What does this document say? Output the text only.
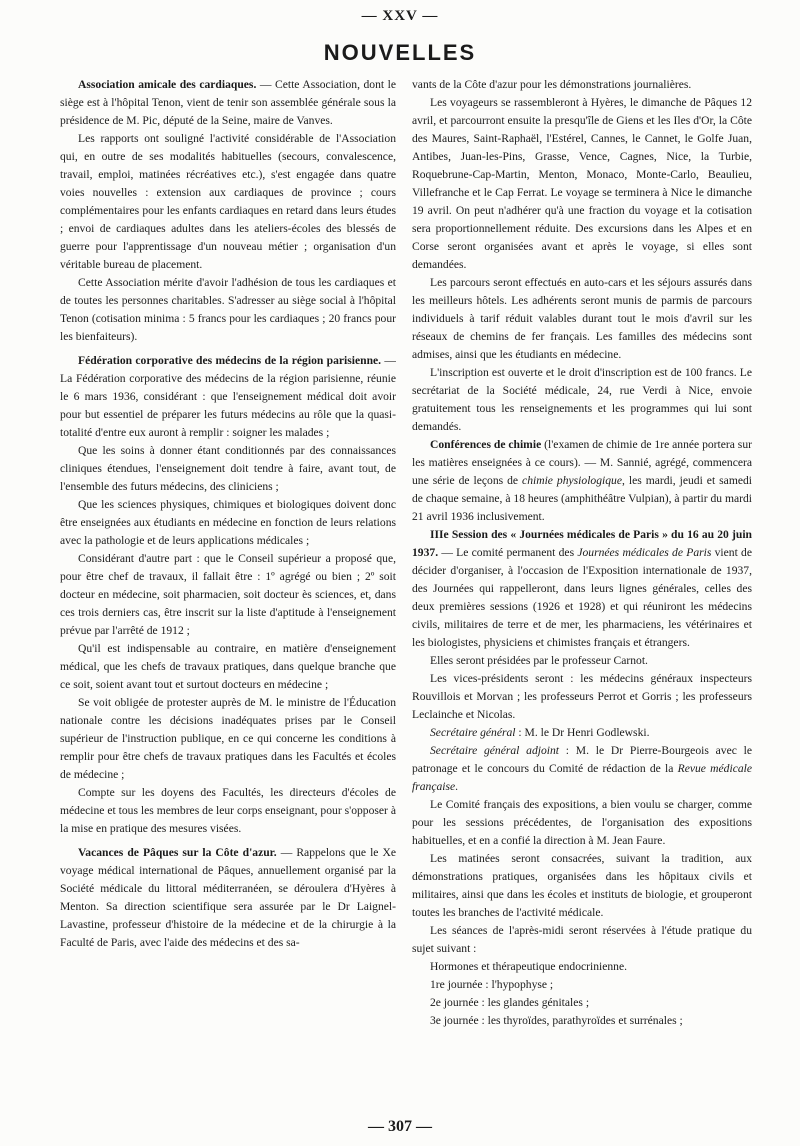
— XXV —
NOUVELLES

Association amicale des cardiaques. — Cette Association, dont le siège est à l'hôpital Tenon, vient de tenir son assemblée générale sous la présidence de M. Pic, député de la Seine, maire de Vanves.

Les rapports ont souligné l'activité considérable de l'Association qui, en outre de ses modalités habituelles (secours, convalescence, travail, emploi, matinées récréatives etc.), s'est engagée dans quatre voies nouvelles : extension aux cardiaques de province ; cours complémentaires pour les enfants cardiaques en retard dans leurs études ; envoi de cardiaques adultes dans les ateliers-écoles des blessés de guerre pour l'apprentissage d'un nouveau métier ; organisation d'un véritable bureau de placement.

Cette Association mérite d'avoir l'adhésion de tous les cardiaques et de toutes les personnes charitables. S'adresser au siège social à l'hôpital Tenon (cotisation minima : 5 francs pour les cardiaques ; 20 francs pour les bienfaiteurs).

Fédération corporative des médecins de la région parisienne. — La Fédération corporative des médecins de la région parisienne, réunie le 6 mars 1936, considérant : que l'enseignement médical doit avoir pour but essentiel de préparer les futurs médecins au rôle que la quasi-totalité d'entre eux auront à remplir : soigner les malades ;

Que les soins à donner étant conditionnés par des connaissances cliniques étendues, l'enseignement doit tendre à faire, avant tout, de l'ensemble des futurs médecins, des cliniciens ;

Que les sciences physiques, chimiques et biologiques doivent donc être enseignées aux étudiants en médecine en fonction de leurs relations avec la pathologie et de leurs applications médicales ;

Considérant d'autre part : que le Conseil supérieur a proposé que, pour être chef de travaux, il fallait être : 1º agrégé ou bien ; 2º soit docteur en médecine, soit pharmacien, soit docteur ès sciences, et, dans ces trois derniers cas, être inscrit sur la liste d'aptitude à l'enseignement prévue par l'arrêté de 1912 ;

Qu'il est indispensable au contraire, en matière d'enseignement médical, que les chefs de travaux pratiques, dans quelque branche que ce soit, soient avant tout et surtout docteurs en médecine ;

Se voit obligée de protester auprès de M. le ministre de l'Éducation nationale contre les décisions inadéquates prises par le Conseil supérieur de l'instruction publique, en ce qui concerne les conditions à remplir pour être chefs de travaux pratiques dans les Facultés et écoles de médecine ;

Compte sur les doyens des Facultés, les directeurs d'écoles de médecine et tous les membres de leur corps enseignant, pour s'opposer à la mise en pratique des mesures visées.

Vacances de Pâques sur la Côte d'azur. — Rappelons que le Xe voyage médical international de Pâques, annuellement organisé par la Société médicale du littoral méditerranéen, se déroulera d'Hyères à Menton. Sa direction scientifique sera assurée par le Dr Laignel-Lavastine, professeur d'histoire de la médecine et de la chirurgie à la Faculté de Paris, avec l'aide des médecins et des sa-

vants de la Côte d'azur pour les démonstrations journalières.

Les voyageurs se rassembleront à Hyères, le dimanche de Pâques 12 avril, et parcourront ensuite la presqu'île de Giens et les Iles d'Or, la Côte des Maures, Saint-Raphaël, l'Estérel, Cannes, le Cannet, le Golfe Juan, Antibes, Juan-les-Pins, Grasse, Vence, Cagnes, Nice, la Turbie, Roquebrune-Cap-Martin, Menton, Monaco, Monte-Carlo, Beaulieu, Villefranche et le Cap Ferrat. Le voyage se terminera à Nice le dimanche 19 avril. On peut n'adhérer qu'à une fraction du voyage et la cotisation sera proportionnellement réduite. Des excursions dans les Alpes et en Corse seront organisées avant et après le voyage, si elles sont demandées.

Les parcours seront effectués en auto-cars et les séjours assurés dans les meilleurs hôtels. Les adhérents seront munis de parmis de parcours individuels à tarif réduit valables durant tout le mois d'avril sur les réseaux de chemins de fer français. Les familles des médecins sont admises, ainsi que les étudiants en médecine.

L'inscription est ouverte et le droit d'inscription est de 100 francs. Le secrétariat de la Société médicale, 24, rue Verdi à Nice, envoie gratuitement tous les renseignements et les programmes qui lui sont demandés.

Conférences de chimie (l'examen de chimie de 1re année portera sur les matières enseignées à ce cours). — M. Sannié, agrégé, commencera une série de leçons de chimie physiologique, les mardi, jeudi et samedi de chaque semaine, à 18 heures (amphithéâtre Vulpian), à partir du mardi 21 avril 1936 inclusivement.

IIIe Session des « Journées médicales de Paris » du 16 au 20 juin 1937. — Le comité permanent des Journées médicales de Paris vient de décider d'organiser, à l'occasion de l'Exposition internationale de 1937, des Journées qui rappelleront, dans leurs lignes générales, celles des deux premières sessions (1926 et 1928) et qui réuniront les médecins civils, militaires de terre et de mer, les pharmaciens, les vétérinaires et les biologistes, physiciens et chimistes français et étrangers.

Elles seront présidées par le professeur Carnot.

Les vices-présidents seront : les médecins généraux inspecteurs Rouvillois et Morvan ; les professeurs Perrot et Gorris ; les professeurs Leclainche et Nicolas.

Secrétaire général : M. le Dr Henri Godlewski.

Secrétaire général adjoint : M. le Dr Pierre-Bourgeois avec le patronage et le concours du Comité de rédaction de la Revue médicale française.

Le Comité français des expositions, a bien voulu se charger, comme pour les sessions précédentes, de l'organisation des expositions habituelles, et en a confié la direction à M. Jean Faure.

Les matinées seront consacrées, suivant la tradition, aux démonstrations pratiques, organisées dans les hôpitaux civils et militaires, ainsi que dans les écoles et instituts de biologie, et grouperont toutes les branches de l'activité médicale.

Les séances de l'après-midi seront réservées à l'étude pratique du sujet suivant :

Hormones et thérapeutique endocrinienne.

1re journée : l'hypophyse ;

2e journée : les glandes génitales ;

3e journée : les thyroïdes, parathyroïdes et surrénales ;

— 307 —
